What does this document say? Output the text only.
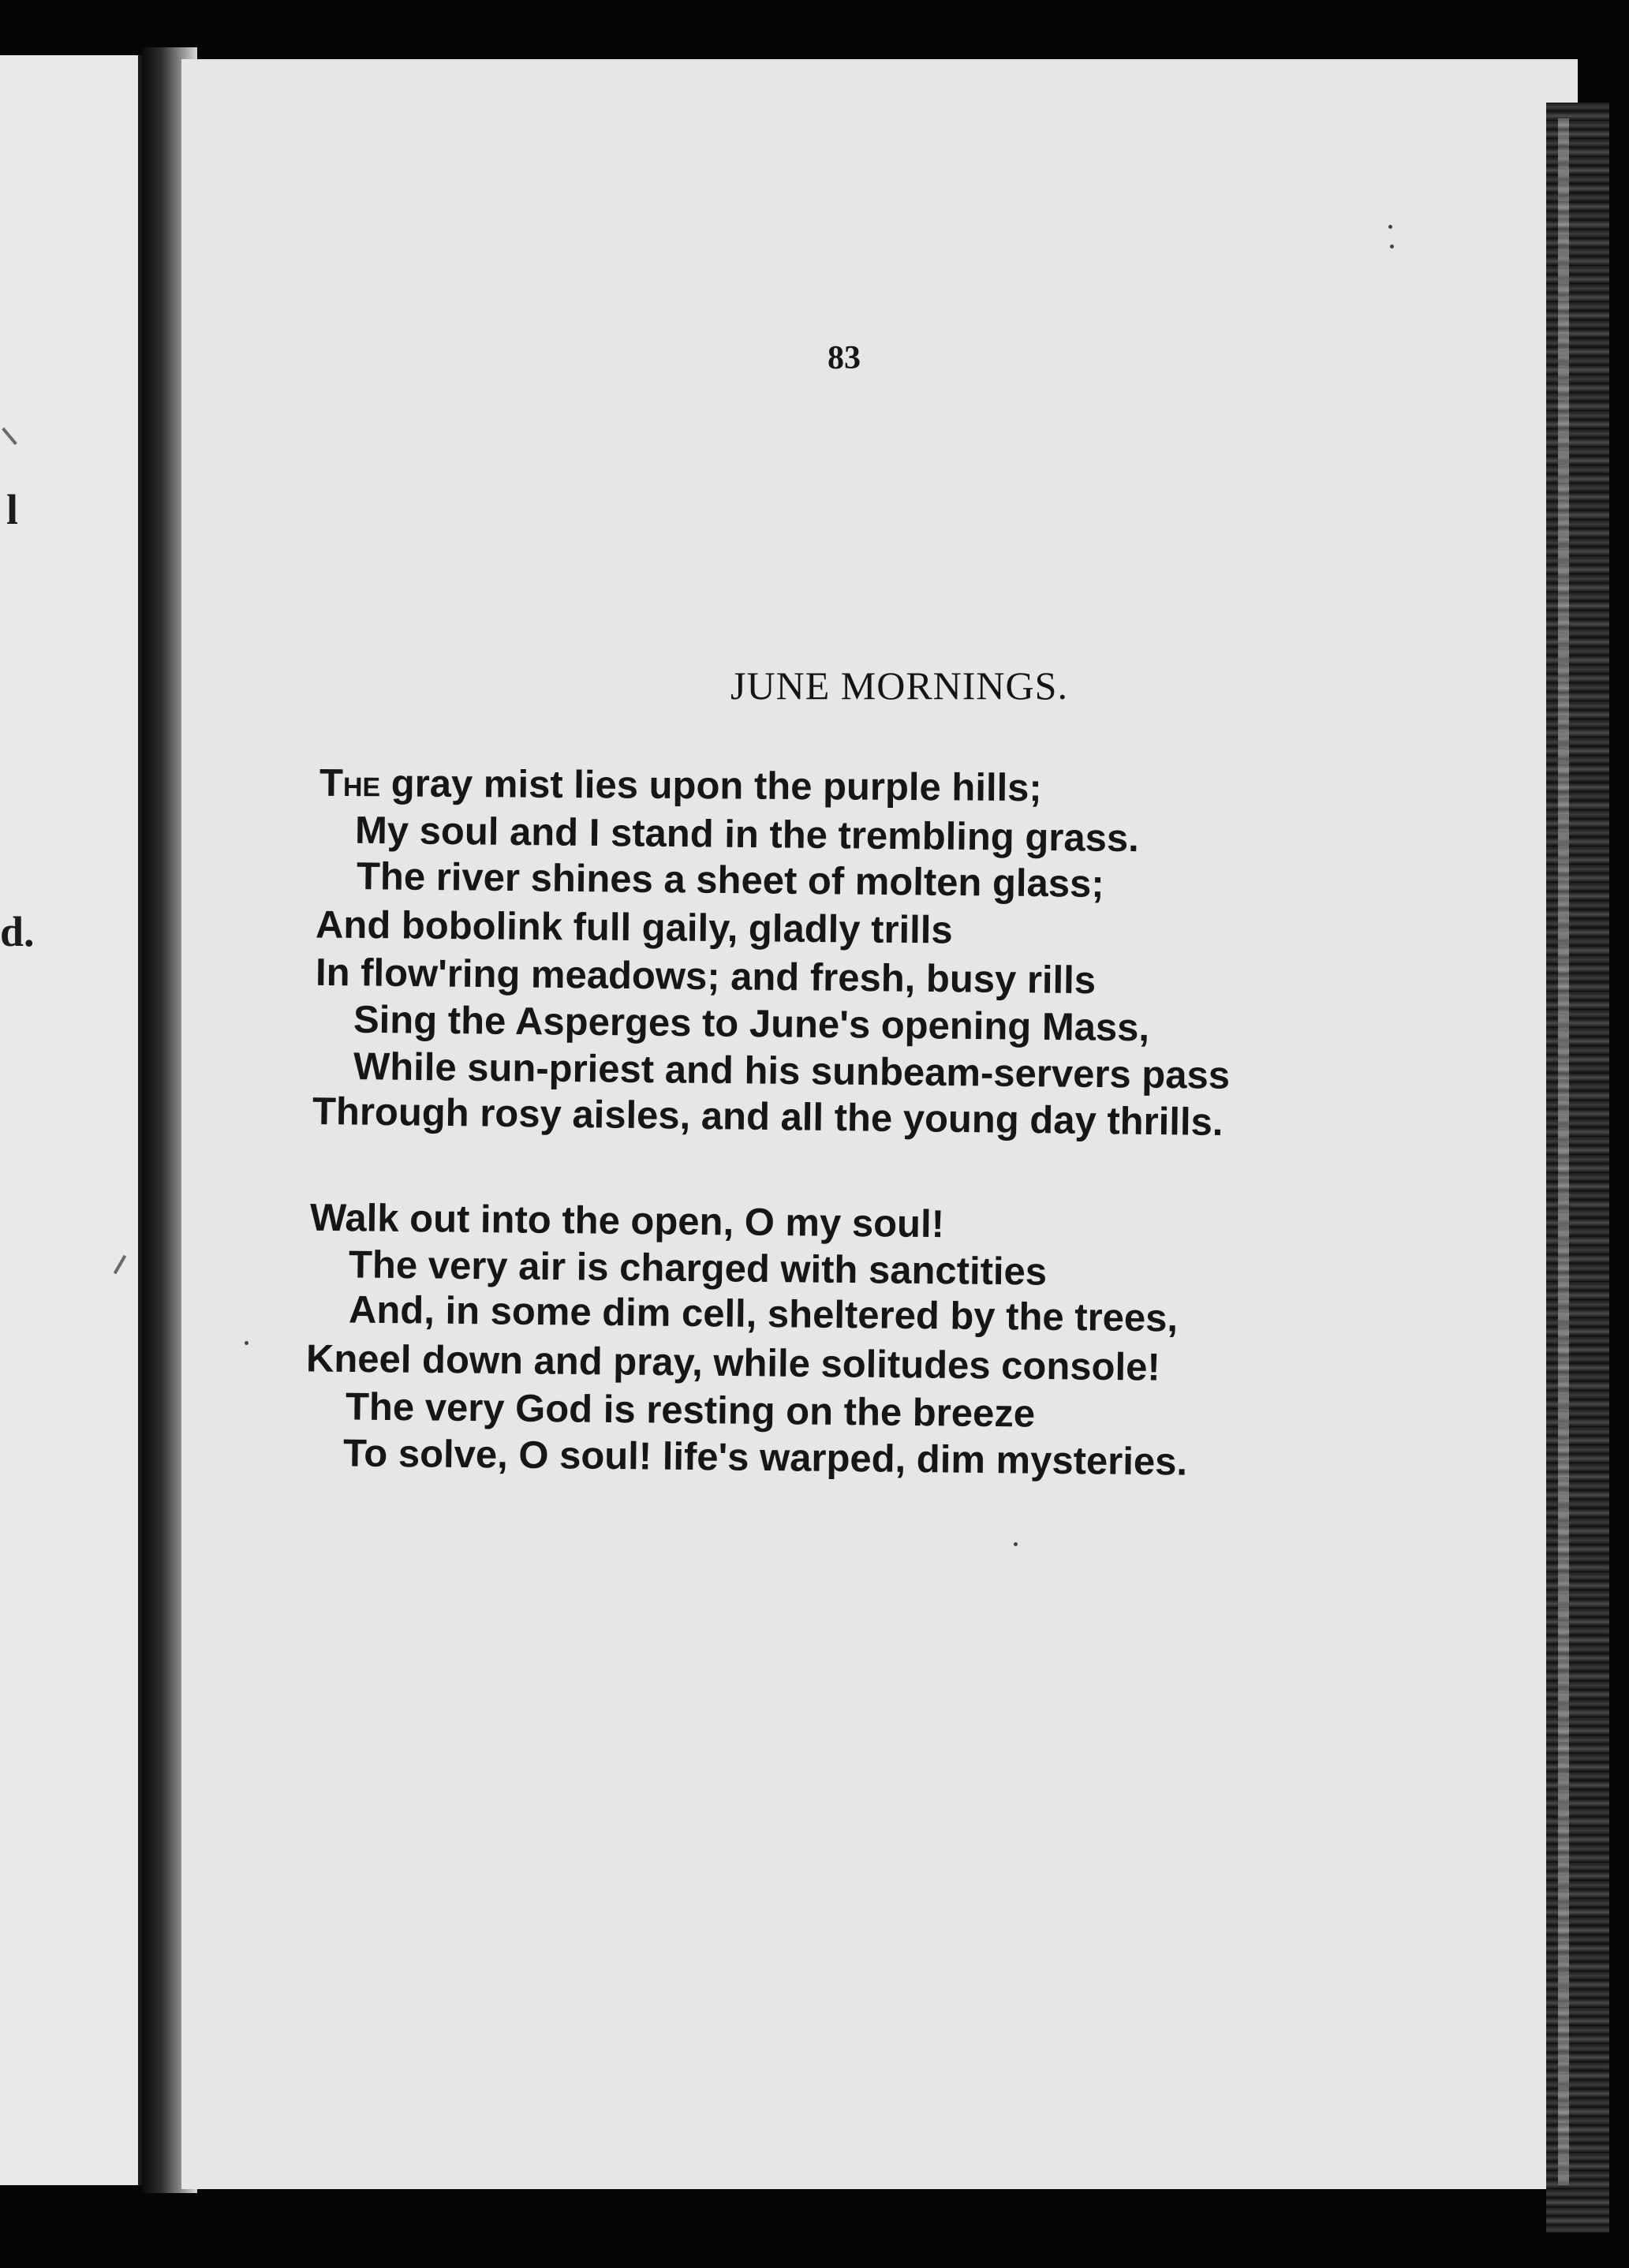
l
d.
83
JUNE MORNINGS.
The gray mist lies upon the purple hills;
My soul and I stand in the trembling grass.
The river shines a sheet of molten glass;
And bobolink full gaily, gladly trills
In flow'ring meadows; and fresh, busy rills
Sing the Asperges to June's opening Mass,
While sun-priest and his sunbeam-servers pass
Through rosy aisles, and all the young day thrills.
Walk out into the open, O my soul!
The very air is charged with sanctities
And, in some dim cell, sheltered by the trees,
Kneel down and pray, while solitudes console!
The very God is resting on the breeze
To solve, O soul! life's warped, dim mysteries.
